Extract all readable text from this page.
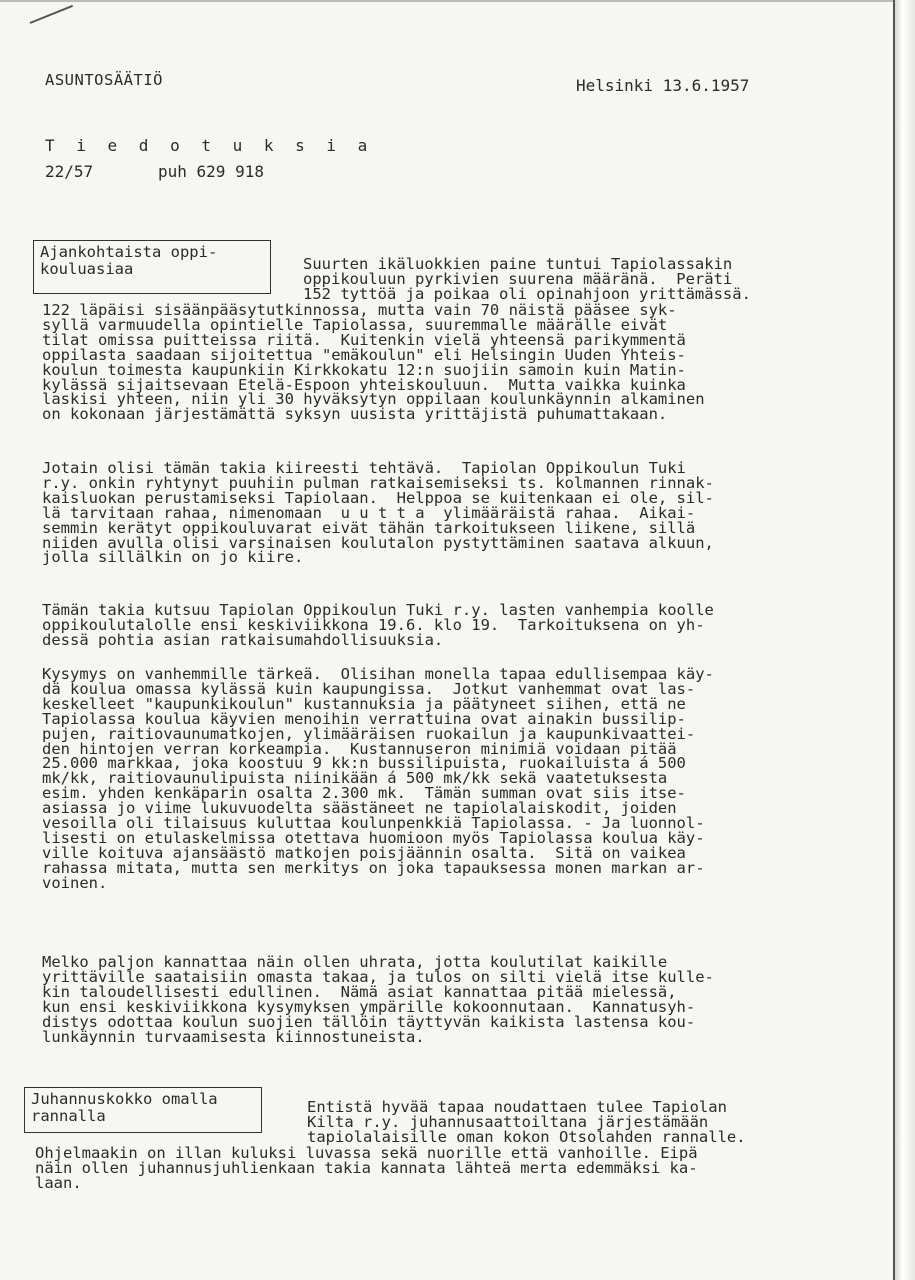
ASUNTOSÄÄTIÖ	Helsinki 13.6.1957
T i e d o t u k s i a
22/57	puh 629 918
Ajankohtaista oppi-
kouluasiaa	Suurten ikäluokkien paine tuntui Tapiolassakin
oppikouluun pyrkivien suurena määränä.  Peräti
152 tyttöä ja poikaa oli opinahjoon yrittämässä.
122 läpäisi sisäänpääsytutkinnossa, mutta vain 70 näistä pääsee syk-
syllä varmuudella opintielle Tapiolassa, suuremmalle määrälle eivät
tilat omissa puitteissa riitä.  Kuitenkin vielä yhteensä parikymmentä
oppilasta saadaan sijoitettua "emäkoulun" eli Helsingin Uuden Yhteis-
koulun toimesta kaupunkiin Kirkkokatu 12:n suojiin samoin kuin Matin-
kylässä sijaitsevaan Etelä-Espoon yhteiskouluun.  Mutta vaikka kuinka
laskisi yhteen, niin yli 30 hyväksytyn oppilaan koulunkäynnin alkaminen
on kokonaan järjestämättä syksyn uusista yrittäjistä puhumattakaan.
Jotain olisi tämän takia kiireesti tehtävä.  Tapiolan Oppikoulun Tuki
r.y. onkin ryhtynyt puuhiin pulman ratkaisemiseksi ts. kolmannen rinnak-
kaisluokan perustamiseksi Tapiolaan.  Helppoa se kuitenkaan ei ole, sil-
lä tarvitaan rahaa, nimenomaan  u u t t a  ylimääräistä rahaa.  Aikai-
semmin kerätyt oppikouluvarat eivät tähän tarkoitukseen liikene, sillä
niiden avulla olisi varsinaisen koulutalon pystyttäminen saatava alkuun,
jolla sillälkin on jo kiire.
Tämän takia kutsuu Tapiolan Oppikoulun Tuki r.y. lasten vanhempia koolle
oppikoulutalolle ensi keskiviikkona 19.6. klo 19.  Tarkoituksena on yh-
dessä pohtia asian ratkaisumahdollisuuksia.
Kysymys on vanhemmille tärkeä.  Olisihan monella tapaa edullisempaa käy-
dä koulua omassa kylässä kuin kaupungissa.  Jotkut vanhemmat ovat las-
keskelleet "kaupunkikoulun" kustannuksia ja päätyneet siihen, että ne
Tapiolassa koulua käyvien menoihin verrattuina ovat ainakin bussilip-
pujen, raitiovaunumatkojen, ylimääräisen ruokailun ja kaupunkivaattei-
den hintojen verran korkeampia.  Kustannuseron minimiä voidaan pitää
25.000 markkaa, joka koostuu 9 kk:n bussilipuista, ruokailuista á 500
mk/kk, raitiovaunulipuista niinikään á 500 mk/kk sekä vaatetuksesta
esim. yhden kenkäparin osalta 2.300 mk.  Tämän summan ovat siis itse-
asiassa jo viime lukuvuodelta säästäneet ne tapiolalaiskodit, joiden
vesoilla oli tilaisuus kuluttaa koulunpenkkiä Tapiolassa. - Ja luonnol-
lisesti on etulaskelmissa otettava huomioon myös Tapiolassa koulua käy-
ville koituva ajansäästö matkojen poisjäännin osalta.  Sitä on vaikea
rahassa mitata, mutta sen merkitys on joka tapauksessa monen markan ar-
voinen.
Melko paljon kannattaa näin ollen uhrata, jotta koulutilat kaikille
yrittäville saataisiin omasta takaa, ja tulos on silti vielä itse kulle-
kin taloudellisesti edullinen.  Nämä asiat kannattaa pitää mielessä,
kun ensi keskiviikkona kysymyksen ympärille kokoonnutaan.  Kannatusyh-
distys odottaa koulun suojien tällöin täyttyvän kaikista lastensa kou-
lunkäynnin turvaamisesta kiinnostuneista.
Juhannuskokko omalla
rannalla	Entistä hyvää tapaa noudattaen tulee Tapiolan
Kilta r.y. juhannusaattoiltana järjestämään
tapiolalaisille oman kokon Otsolahden rannalle.
Ohjelmaakin on illan kuluksi luvassa sekä nuorille että vanhoille. Eipä
näin ollen juhannusjuhlienkaan takia kannata lähteä merta edemmäksi ka-
laan.
